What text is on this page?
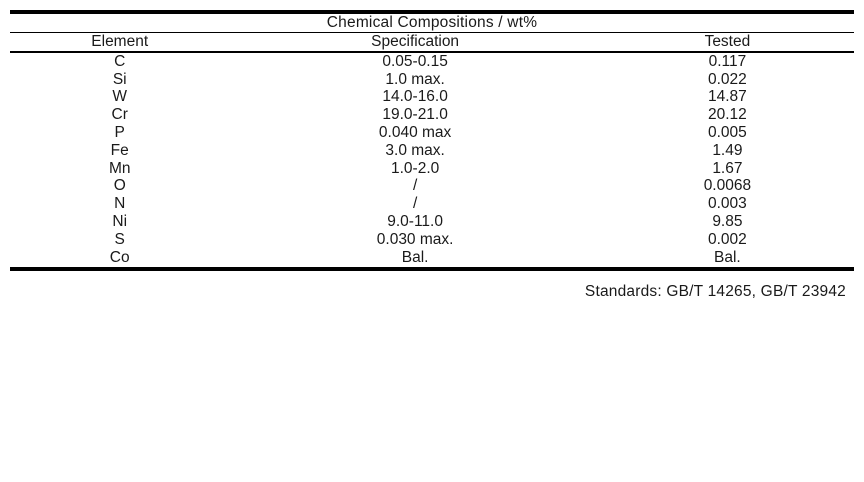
Chemical Compositions / wt%		

Element	Specification	Tested

C	0.05-0.15	0.117
Si	1.0 max.	0.022
W	14.0-16.0	14.87
Cr	19.0-21.0	20.12
P	0.040 max	0.005
Fe	3.0 max.	1.49
Mn	1.0-2.0	1.67
O	/	0.0068
N	/	0.003
Ni	9.0-11.0	9.85
S	0.030 max.	0.002
Co	Bal.	Bal.
Standards: GB/T 14265, GB/T 23942
